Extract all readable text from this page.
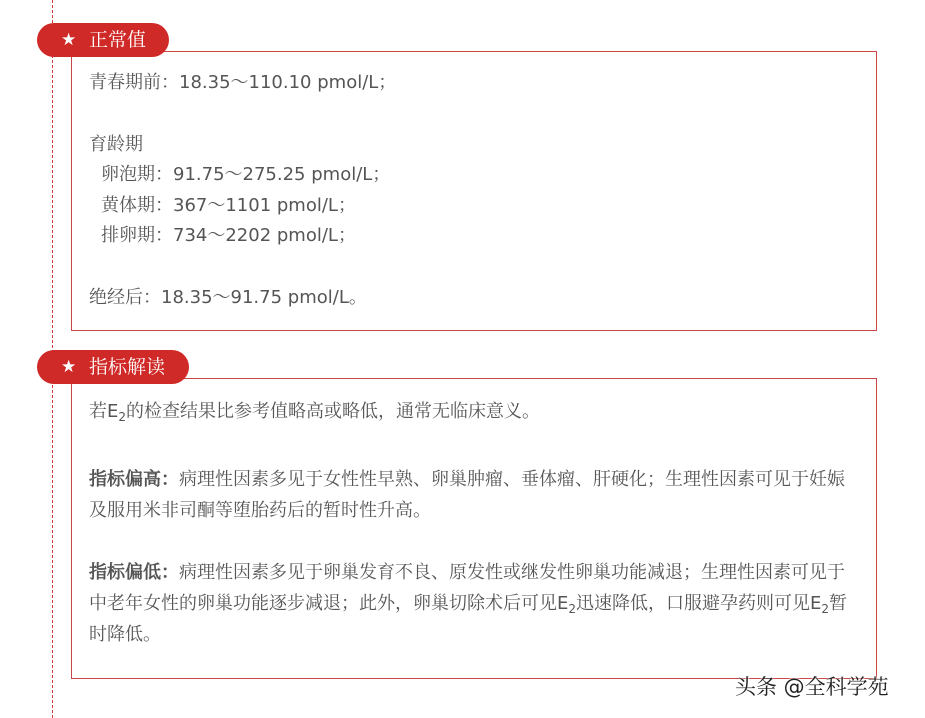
★ 正常值
青春期前：18.35～110.10 pmol/L；
育龄期
卵泡期：91.75～275.25 pmol/L；
黄体期：367～1101 pmol/L；
排卵期：734～2202 pmol/L；
绝经后：18.35～91.75 pmol/L。
★ 指标解读
若$E_2$的检查结果比参考值略高或略低，通常无临床意义。
指标偏高：病理性因素多见于女性性早熟、卵巢肿瘤、垂体瘤、肝硬化；生理性因素可见于妊娠及服用米非司酮等堕胎药后的暂时性升高。
指标偏低：病理性因素多见于卵巢发育不良、原发性或继发性卵巢功能减退；生理性因素可见于中老年女性的卵巢功能逐步减退；此外，卵巢切除术后可见$E_2$迅速降低，口服避孕药则可见$E_2$暂时降低。
头条 @全科学苑
